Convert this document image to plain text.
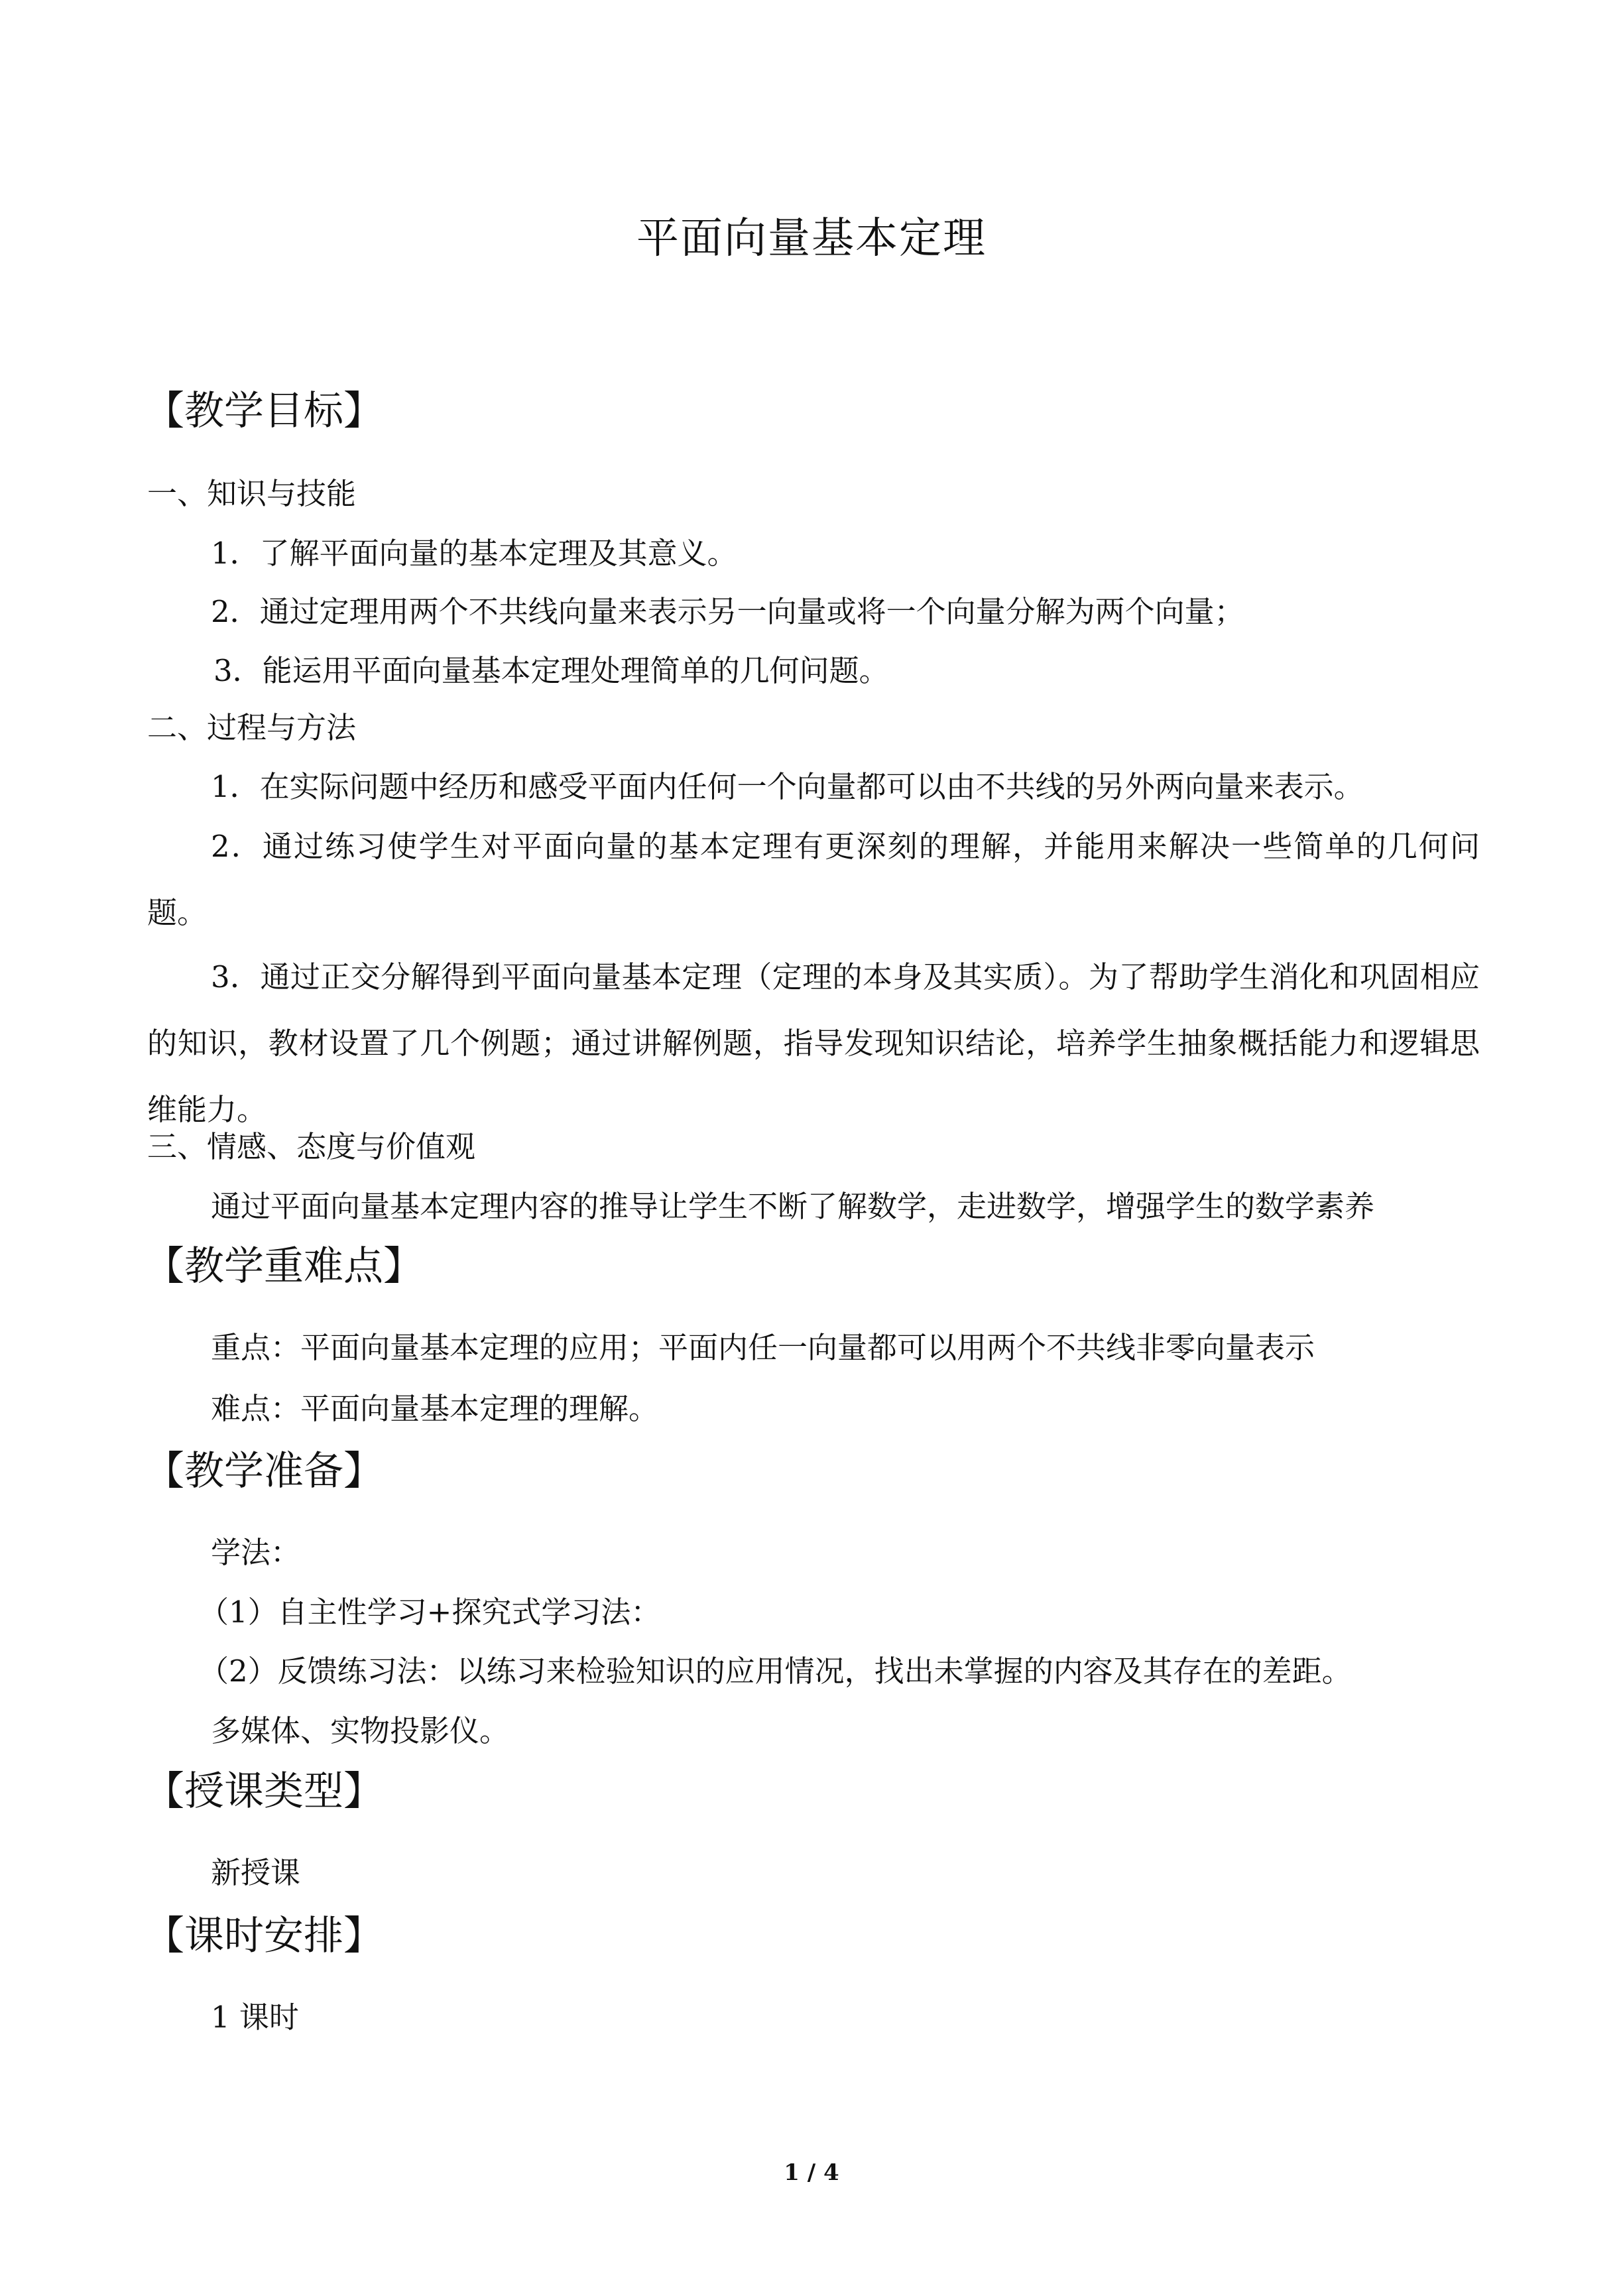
平面向量基本定理
【教学目标】
一、知识与技能
1．了解平面向量的基本定理及其意义。
2．通过定理用两个不共线向量来表示另一向量或将一个向量分解为两个向量；
3．能运用平面向量基本定理处理简单的几何问题。
二、过程与方法
1．在实际问题中经历和感受平面内任何一个向量都可以由不共线的另外两向量来表示。
2．通过练习使学生对平面向量的基本定理有更深刻的理解，并能用来解决一些简单的几何问题。
3．通过正交分解得到平面向量基本定理（定理的本身及其实质）。为了帮助学生消化和巩固相应的知识，教材设置了几个例题；通过讲解例题，指导发现知识结论，培养学生抽象概括能力和逻辑思维能力。
三、情感、态度与价值观
通过平面向量基本定理内容的推导让学生不断了解数学，走进数学，增强学生的数学素养
【教学重难点】
重点：平面向量基本定理的应用；平面内任一向量都可以用两个不共线非零向量表示
难点：平面向量基本定理的理解。
【教学准备】
学法：
（1）自主性学习+探究式学习法：
（2）反馈练习法：以练习来检验知识的应用情况，找出未掌握的内容及其存在的差距。
多媒体、实物投影仪。
【授课类型】
新授课
【课时安排】
1 课时
1 / 4
